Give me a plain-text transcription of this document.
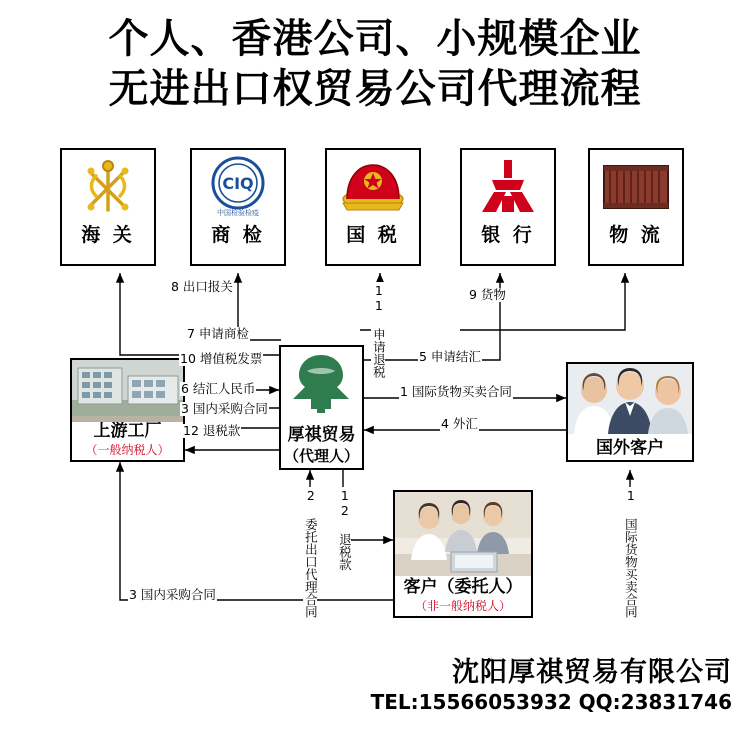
个人、香港公司、小规模企业
无进出口权贸易公司代理流程
海 关
CIQ
中国检验检疫
商 检	国 税	银 行	物 流
上游工厂
（一般纳税人）
厚祺贸易
（代理人）	国外客户
客户（委托人）
（非一般纳税人）
8 出口报关	11 申请退税	9 货物
7 申请商检
10 增值税发票	5 申请结汇
6 结汇人民币
3 国内采购合同
1 国际货物买卖合同
12 退税款	4 外汇
2 委托出口代理合同 12 退税款	1 国际货物买卖合同
3 国内采购合同
沈阳厚祺贸易有限公司
TEL:15566053932 QQ:23831746
